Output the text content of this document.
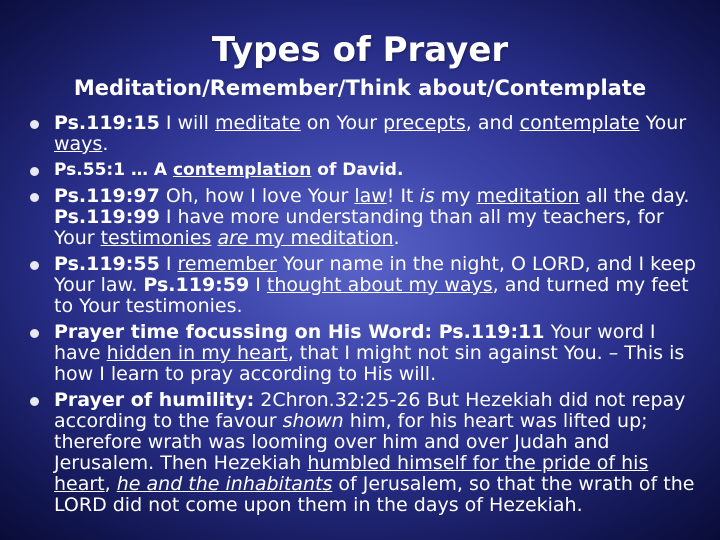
Types of Prayer
Meditation/Remember/Think about/Contemplate
Ps.119:15 I will meditate on Your precepts, and contemplate Your ways.
Ps.55:1 … A contemplation of David.
Ps.119:97 Oh, how I love Your law! It is my meditation all the day. Ps.119:99 I have more understanding than all my teachers, for Your testimonies are my meditation.
Ps.119:55 I remember Your name in the night, O LORD, and I keep Your law. Ps.119:59 I thought about my ways, and turned my feet to Your testimonies.
Prayer time focussing on His Word: Ps.119:11 Your word I have hidden in my heart, that I might not sin against You. – This is how I learn to pray according to His will.
Prayer of humility: 2Chron.32:25-26 But Hezekiah did not repay according to the favour shown him, for his heart was lifted up; therefore wrath was looming over him and over Judah and Jerusalem. Then Hezekiah humbled himself for the pride of his heart, he and the inhabitants of Jerusalem, so that the wrath of the LORD did not come upon them in the days of Hezekiah.
